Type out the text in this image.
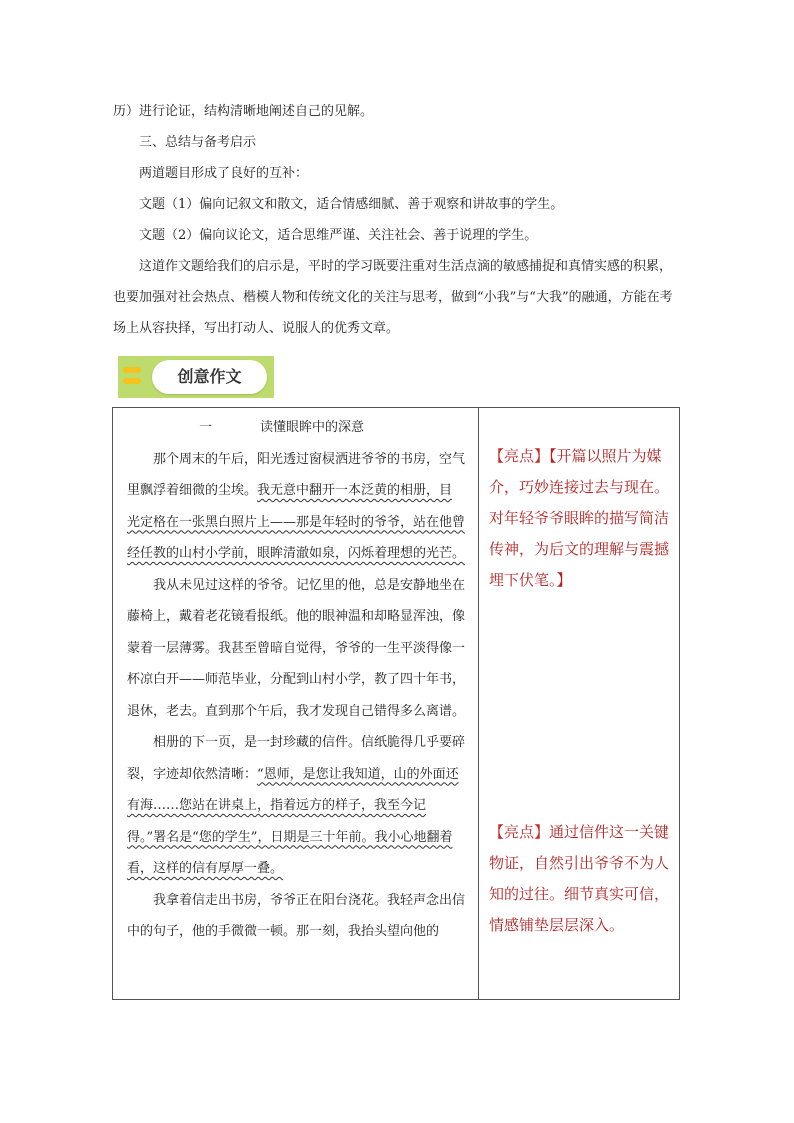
历）进行论证，结构清晰地阐述自己的见解。

三、总结与备考启示

两道题目形成了良好的互补：

文题（1）偏向记叙文和散文，适合情感细腻、善于观察和讲故事的学生。

文题（2）偏向议论文，适合思维严谨、关注社会、善于说理的学生。

这道作文题给我们的启示是，平时的学习既要注重对生活点滴的敏感捕捉和真情实感的积累，也要加强对社会热点、楷模人物和传统文化的关注与思考，做到“小我”与“大我”的融通，方能在考场上从容抉择，写出打动人、说服人的优秀文章。

创意作文

一	读懂眼眸中的深意

那个周末的午后，阳光透过窗棂洒进爷爷的书房，空气里飘浮着细微的尘埃。我无意中翻开一本泛黄的相册，目光定格在一张黑白照片上——那是年轻时的爷爷，站在他曾经任教的山村小学前，眼眸清澈如泉，闪烁着理想的光芒。

我从未见过这样的爷爷。记忆里的他，总是安静地坐在藤椅上，戴着老花镜看报纸。他的眼神温和却略显浑浊，像蒙着一层薄雾。我甚至曾暗自觉得，爷爷的一生平淡得像一杯凉白开——师范毕业，分配到山村小学，教了四十年书，退休，老去。直到那个午后，我才发现自己错得多么离谱。

相册的下一页，是一封珍藏的信件。信纸脆得几乎要碎裂，字迹却依然清晰：“恩师，是您让我知道，山的外面还有海……您站在讲桌上，指着远方的样子，我至今记得。”署名是“您的学生”，日期是三十年前。我小心地翻着看，这样的信有厚厚一叠。

我拿着信走出书房，爷爷正在阳台浇花。我轻声念出信中的句子，他的手微微一顿。那一刻，我抬头望向他的

【亮点】【开篇以照片为媒介，巧妙连接过去与现在。对年轻爷爷眼眸的描写简洁传神，为后文的理解与震撼埋下伏笔。】
【亮点】通过信件这一关键物证，自然引出爷爷不为人知的过往。细节真实可信，情感铺垫层层深入。
